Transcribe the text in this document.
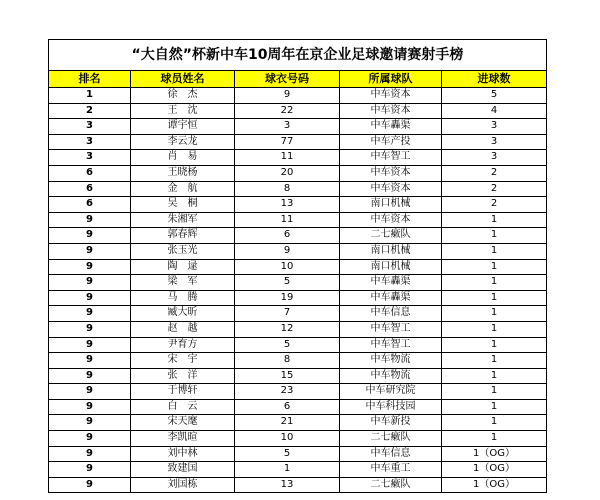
“大自然”杯新中车10周年在京企业足球邀请赛射手榜				
排名	球员姓名	球衣号码	所属球队	进球数
1	徐　杰	9	中车资本	5
2	王　沈	22	中车资本	4
3	谭宇恒	3	中车轟渠	3
3	李云龙	77	中车产投	3
3	肖　易	11	中车智工	3
6	王晓杨	20	中车资本	2
6	金　航	8	中车资本	2
6	吴　桐	13	南口机械	2
9	朱湘军	11	中车资本	1
9	郭春辉	6	二七瘷队	1
9	张玉光	9	南口机械	1
9	陶　逯	10	南口机械	1
9	梁　军	5	中车轟渠	1
9	马　腾	19	中车轟渠	1
9	臧大昕	7	中车信息	1
9	赵　越	12	中车智工	1
9	尹育方	5	中车智工	1
9	宋　宇	8	中车物流	1
9	张　洋	15	中车物流	1
9	于博轩	23	中车研究院	1
9	白　云	6	中车科技园	1
9	宋天麾	21	中车新投	1
9	李凯暄	10	二七瘷队	1
9	刘中林	5	中车信息	1（OG）
9	致建国	1	中车重工	1（OG）
9	刘国栋	13	二七瘷队	1（OG）
